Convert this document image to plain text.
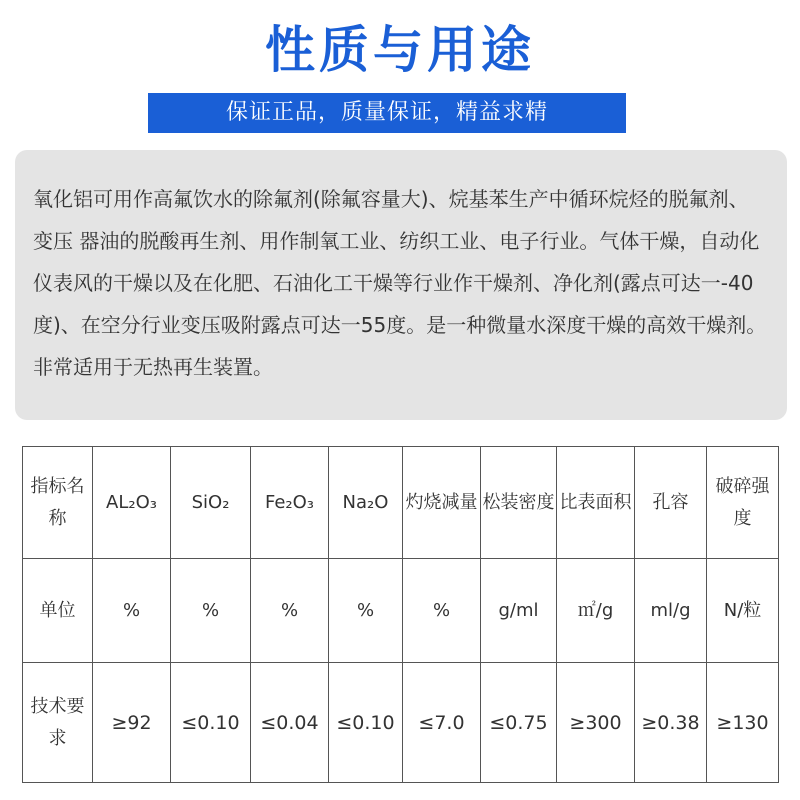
性质与用途
保证正品，质量保证，精益求精

氧化铝可用作高氟饮水的除氟剂(除氟容量大)、烷基苯生产中循环烷烃的脱氟剂、变压 器油的脱酸再生剂、用作制氧工业、纺织工业、电子行业。气体干燥，自动化仪表风的干燥以及在化肥、石油化工干燥等行业作干燥剂、净化剂(露点可达一-40度)、在空分行业变压吸附露点可达一55度。是一种微量水深度干燥的高效干燥剂。非常适用于无热再生装置。

指标名称	AL₂O₃	SiO₂	Fe₂O₃	Na₂O	灼烧减量	松装密度	比表面积	孔容	破碎强度
单位	%	%	%	%	%	g/ml	㎡/g	ml/g	N/粒
技术要求	≥92	≤0.10	≤0.04	≤0.10	≤7.0	≤0.75	≥300	≥0.38	≥130
